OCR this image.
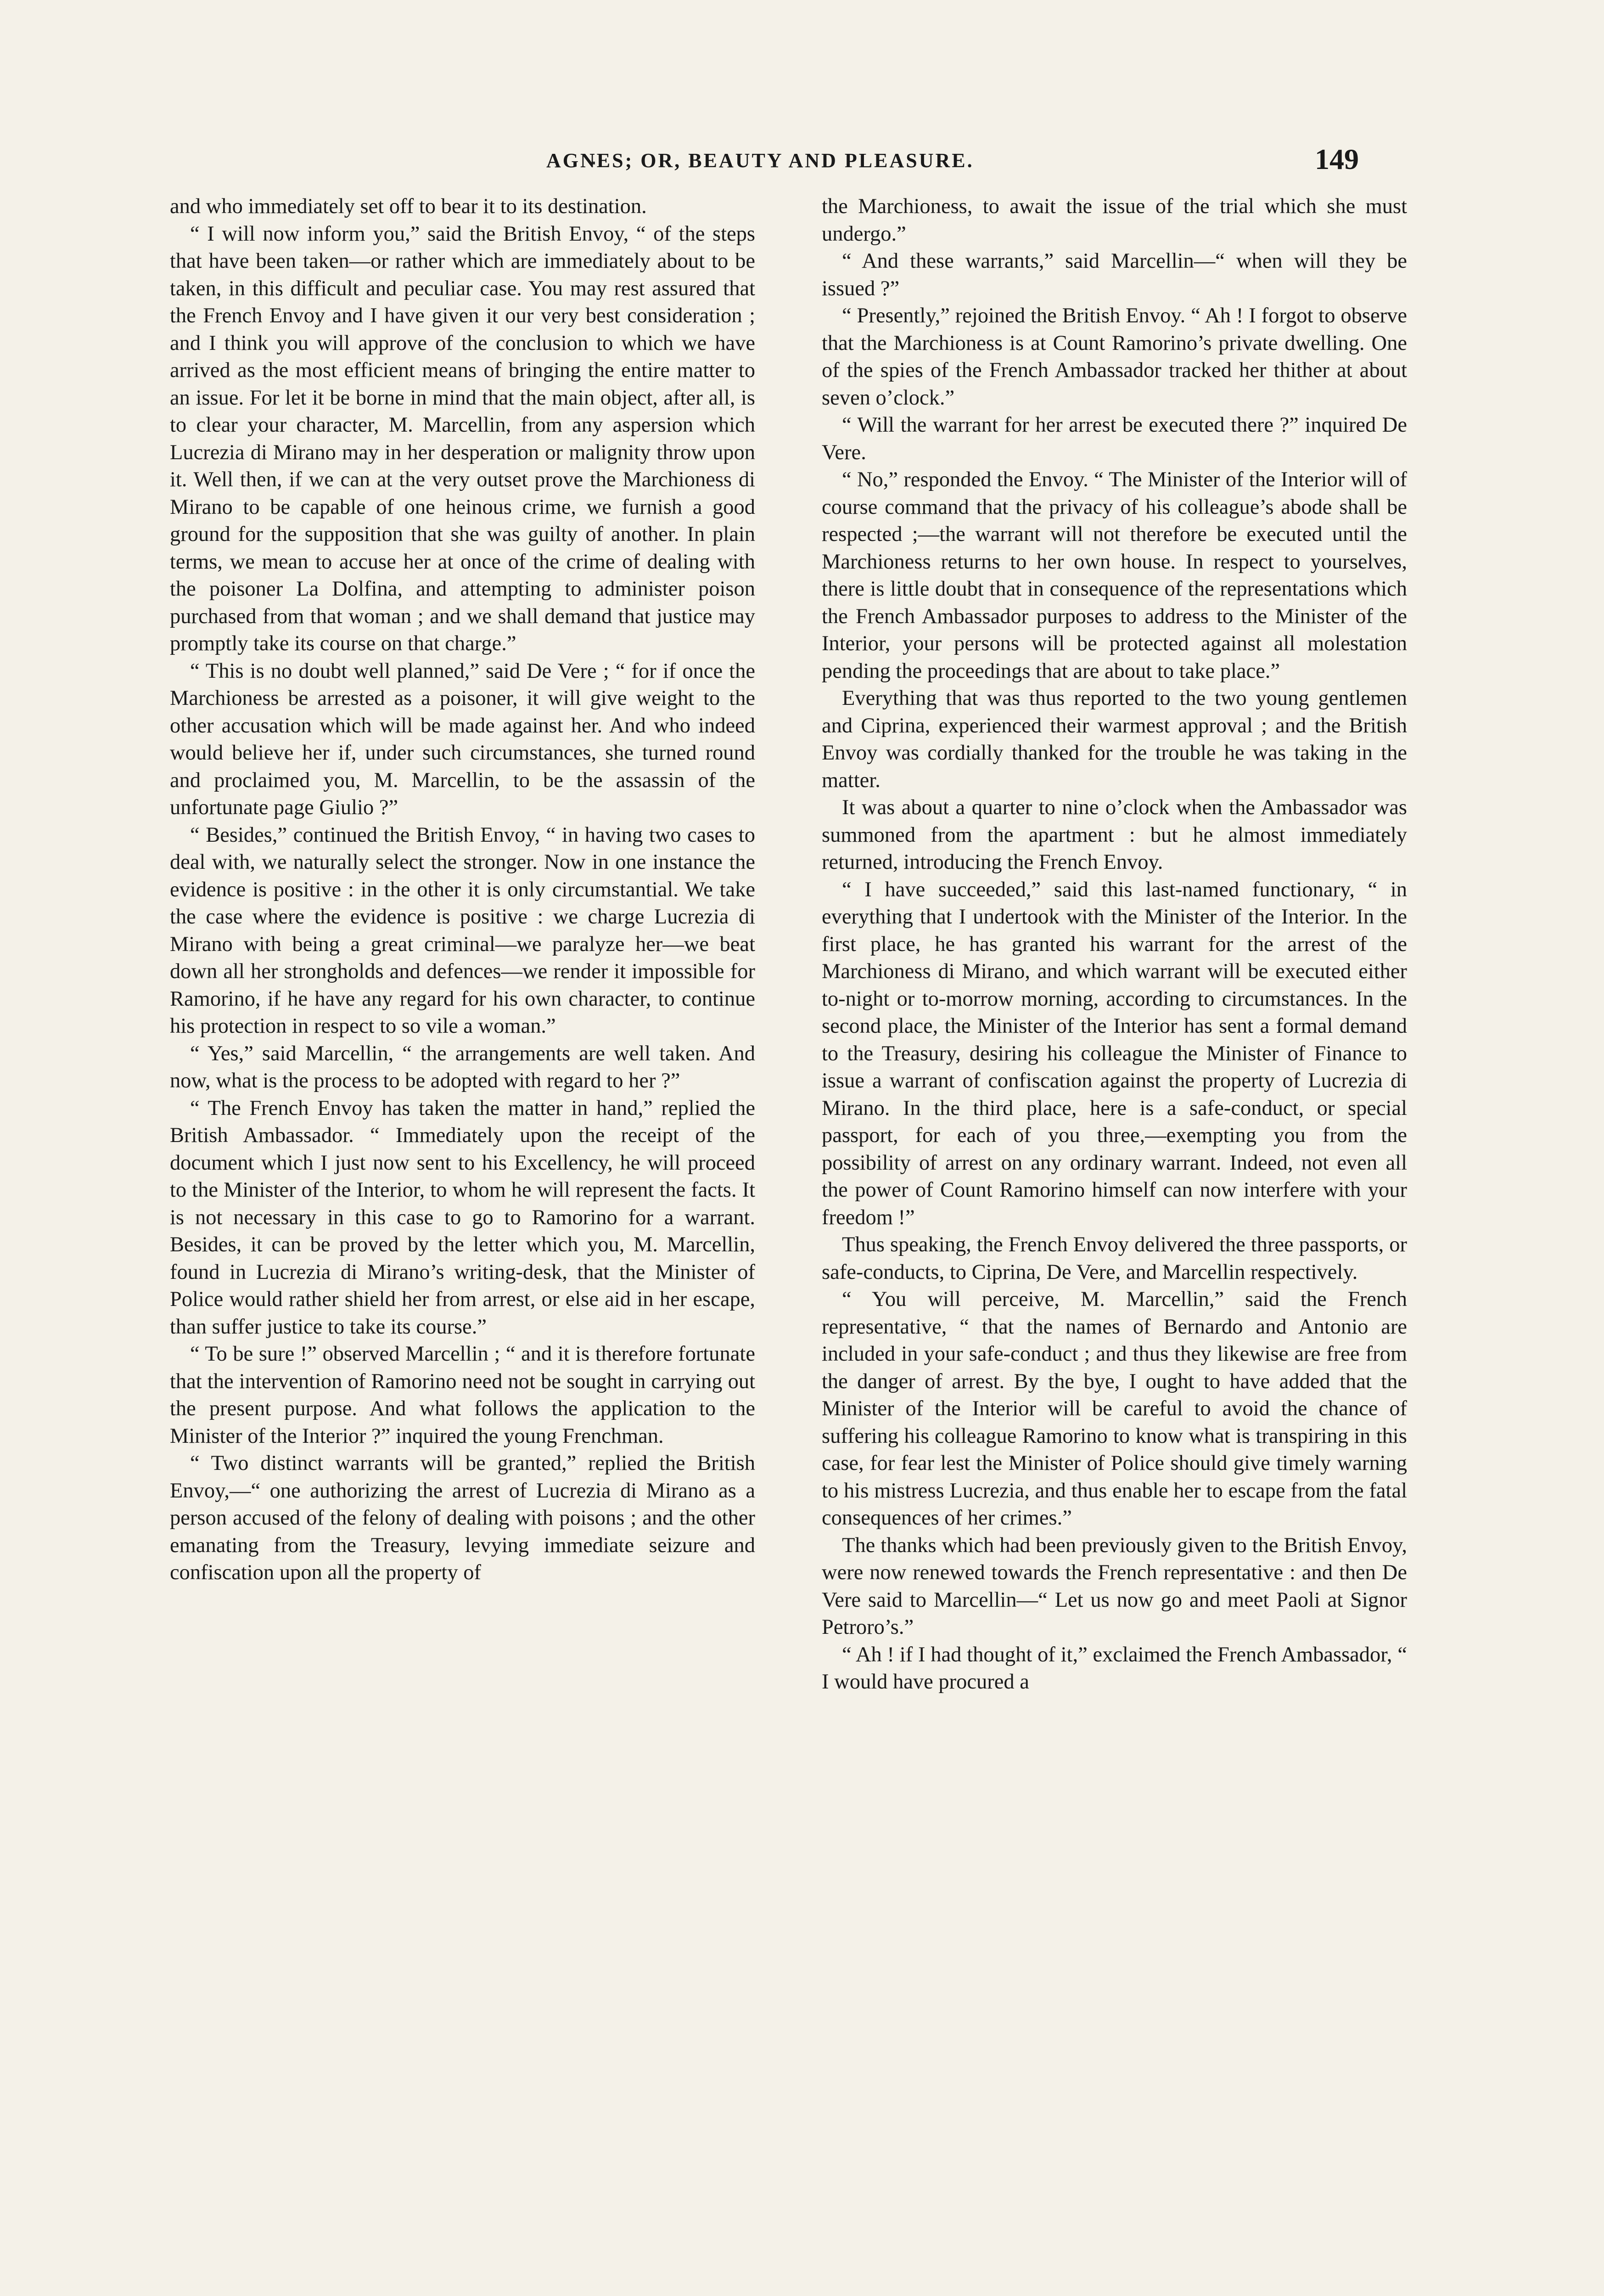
AGNES; OR, BEAUTY AND PLEASURE.	149

and who immediately set off to bear it to its destination.

“ I will now inform you,” said the British Envoy, “ of the steps that have been taken—or rather which are immediately about to be taken, in this difficult and peculiar case. You may rest assured that the French Envoy and I have given it our very best consideration ; and I think you will approve of the conclusion to which we have arrived as the most efficient means of bringing the entire matter to an issue. For let it be borne in mind that the main object, after all, is to clear your character, M. Marcellin, from any aspersion which Lucrezia di Mirano may in her desperation or malignity throw upon it. Well then, if we can at the very outset prove the Marchioness di Mirano to be capable of one heinous crime, we furnish a good ground for the supposition that she was guilty of another. In plain terms, we mean to accuse her at once of the crime of dealing with the poisoner La Dolfina, and attempting to administer poison purchased from that woman ; and we shall demand that justice may promptly take its course on that charge.”

“ This is no doubt well planned,” said De Vere ; “ for if once the Marchioness be arrested as a poisoner, it will give weight to the other accusation which will be made against her. And who indeed would believe her if, under such circumstances, she turned round and proclaimed you, M. Marcellin, to be the assassin of the unfortunate page Giulio ?”

“ Besides,” continued the British Envoy, “ in having two cases to deal with, we naturally select the stronger. Now in one instance the evidence is positive : in the other it is only circumstantial. We take the case where the evidence is positive : we charge Lucrezia di Mirano with being a great criminal—we paralyze her—we beat down all her strongholds and defences—we render it impossible for Ramorino, if he have any regard for his own character, to continue his protection in respect to so vile a woman.”

“ Yes,” said Marcellin, “ the arrangements are well taken. And now, what is the process to be adopted with regard to her ?”

“ The French Envoy has taken the matter in hand,” replied the British Ambassador. “ Immediately upon the receipt of the document which I just now sent to his Excellency, he will proceed to the Minister of the Interior, to whom he will represent the facts. It is not necessary in this case to go to Ramorino for a warrant. Besides, it can be proved by the letter which you, M. Marcellin, found in Lucrezia di Mirano’s writing-desk, that the Minister of Police would rather shield her from arrest, or else aid in her escape, than suffer justice to take its course.”

“ To be sure !” observed Marcellin ; “ and it is therefore fortunate that the intervention of Ramorino need not be sought in carrying out the present purpose. And what follows the application to the Minister of the Interior ?” inquired the young Frenchman.

“ Two distinct warrants will be granted,” replied the British Envoy,—“ one authorizing the arrest of Lucrezia di Mirano as a person accused of the felony of dealing with poisons ; and the other emanating from the Treasury, levying immediate seizure and confiscation upon all the property of

the Marchioness, to await the issue of the trial which she must undergo.”

“ And these warrants,” said Marcellin—“ when will they be issued ?”

“ Presently,” rejoined the British Envoy. “ Ah ! I forgot to observe that the Marchioness is at Count Ramorino’s private dwelling. One of the spies of the French Ambassador tracked her thither at about seven o’clock.”

“ Will the warrant for her arrest be executed there ?” inquired De Vere.

“ No,” responded the Envoy. “ The Minister of the Interior will of course command that the privacy of his colleague’s abode shall be respected ;—the warrant will not therefore be executed until the Marchioness returns to her own house. In respect to yourselves, there is little doubt that in consequence of the representations which the French Ambassador purposes to address to the Minister of the Interior, your persons will be protected against all molestation pending the proceedings that are about to take place.”

Everything that was thus reported to the two young gentlemen and Ciprina, experienced their warmest approval ; and the British Envoy was cordially thanked for the trouble he was taking in the matter.

It was about a quarter to nine o’clock when the Ambassador was summoned from the apartment : but he almost immediately returned, introducing the French Envoy.

“ I have succeeded,” said this last-named functionary, “ in everything that I undertook with the Minister of the Interior. In the first place, he has granted his warrant for the arrest of the Marchioness di Mirano, and which warrant will be executed either to-night or to-morrow morning, according to circumstances. In the second place, the Minister of the Interior has sent a formal demand to the Treasury, desiring his colleague the Minister of Finance to issue a warrant of confiscation against the property of Lucrezia di Mirano. In the third place, here is a safe-conduct, or special passport, for each of you three,—exempting you from the possibility of arrest on any ordinary warrant. Indeed, not even all the power of Count Ramorino himself can now interfere with your freedom !”

Thus speaking, the French Envoy delivered the three passports, or safe-conducts, to Ciprina, De Vere, and Marcellin respectively.

“ You will perceive, M. Marcellin,” said the French representative, “ that the names of Bernardo and Antonio are included in your safe-conduct ; and thus they likewise are free from the danger of arrest. By the bye, I ought to have added that the Minister of the Interior will be careful to avoid the chance of suffering his colleague Ramorino to know what is transpiring in this case, for fear lest the Minister of Police should give timely warning to his mistress Lucrezia, and thus enable her to escape from the fatal consequences of her crimes.”

The thanks which had been previously given to the British Envoy, were now renewed towards the French representative : and then De Vere said to Marcellin—“ Let us now go and meet Paoli at Signor Petroro’s.”

“ Ah ! if I had thought of it,” exclaimed the French Ambassador, “ I would have procured a
